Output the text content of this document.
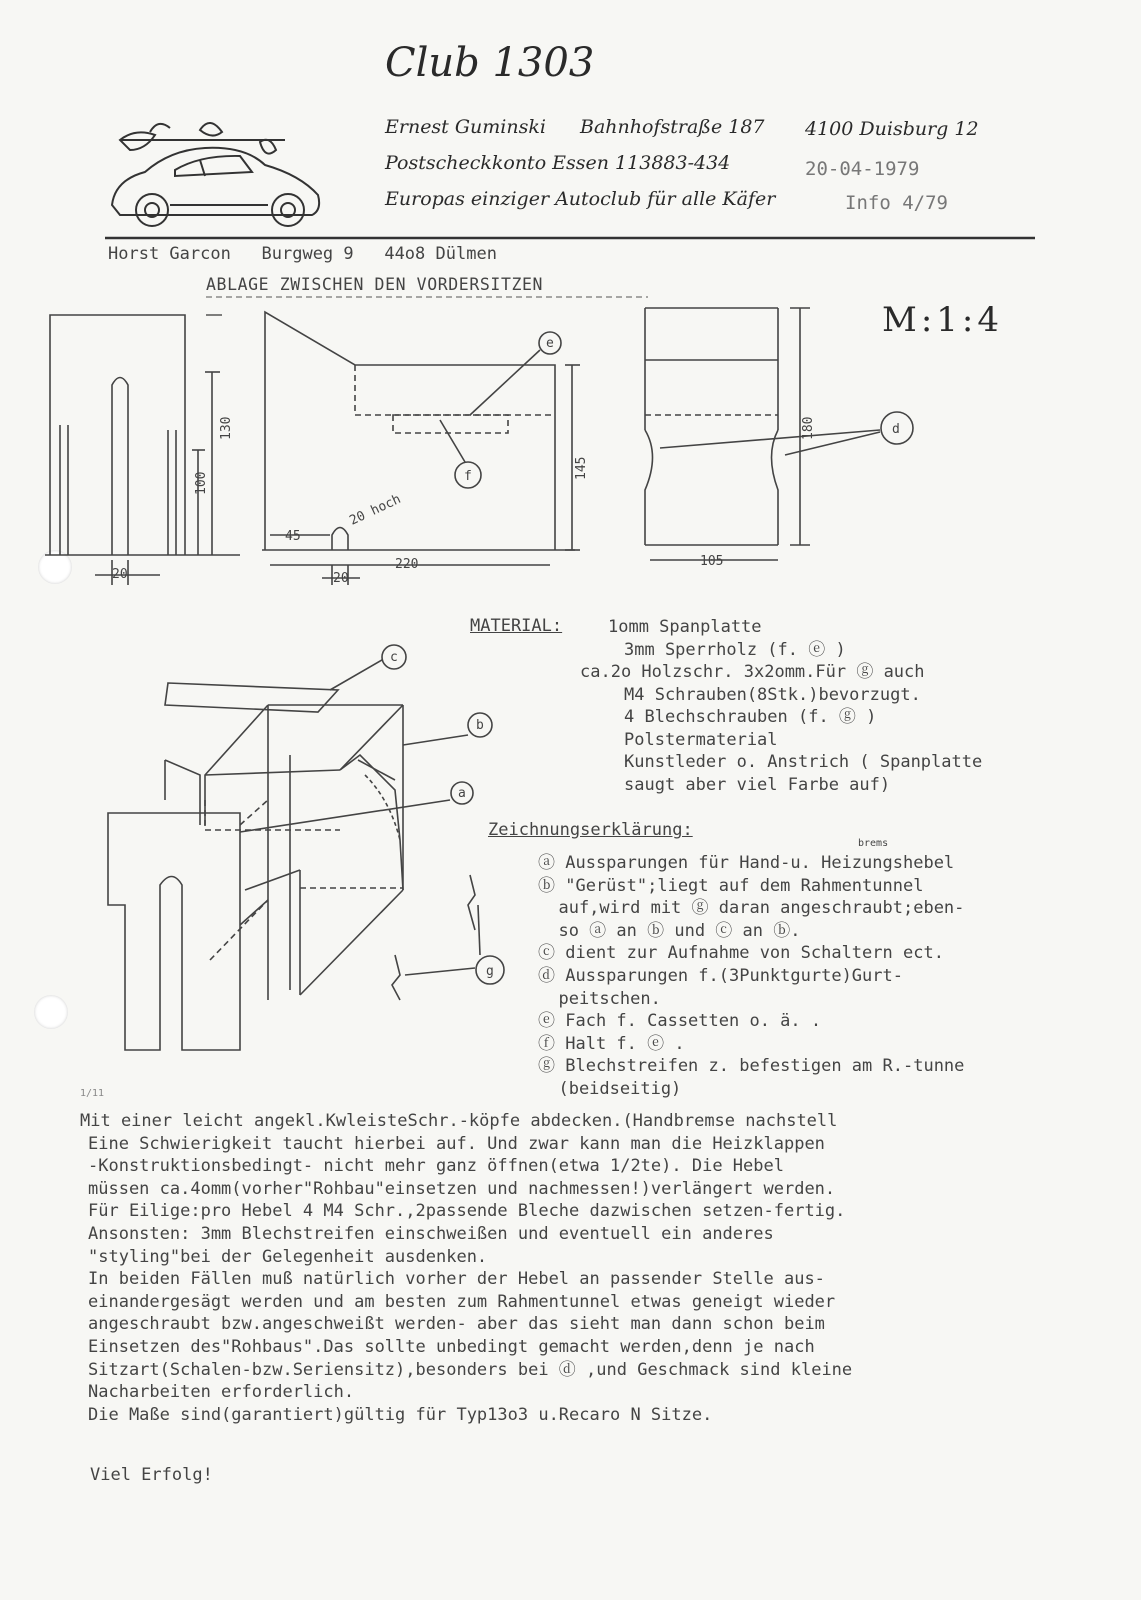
Club 1303
Ernest Guminski Bahnhofstraße 187 4100 Duisburg 12
Postscheckkonto Essen 113883-434	20-04-1979
Europas einziger Autoclub für alle Käfer	Info 4/79
Horst Garcon   Burgweg 9   44o8 Dülmen
ABLAGE ZWISCHEN DEN VORDERSITZEN
M:1:4
130
100
20
45
20 hoch
20
220
145
180
105
e
f
d
c
b
a
g
MATERIAL:	1omm Spanplatte
3mm Sperrholz (f. ⓔ )
ca.2o Holzschr. 3x2omm.Für ⓖ auch
M4 Schrauben(8Stk.)bevorzugt.
4 Blechschrauben (f. ⓖ )
Polstermaterial
Kunstleder o. Anstrich ( Spanplatte
saugt aber viel Farbe auf)
Zeichnungserklärung:
brems
ⓐ Aussparungen für Hand-u. Heizungshebel
ⓑ "Gerüst";liegt auf dem Rahmentunnel
auf,wird mit ⓖ daran angeschraubt;eben-
so ⓐ an ⓑ und ⓒ an ⓑ.
ⓒ dient zur Aufnahme von Schaltern ect.
ⓓ Aussparungen f.(3Punktgurte)Gurt-
peitschen.
ⓔ Fach f. Cassetten o. ä. .
ⓕ Halt f. ⓔ .
ⓖ Blechstreifen z. befestigen am R.-tunne
(beidseitig)
1/11
Mit einer leicht angekl.KwleisteSchr.-köpfe abdecken.(Handbremse nachstell
Eine Schwierigkeit taucht hierbei auf. Und zwar kann man die Heizklappen
-Konstruktionsbedingt- nicht mehr ganz öffnen(etwa 1/2te). Die Hebel
müssen ca.4omm(vorher"Rohbau"einsetzen und nachmessen!)verlängert werden.
Für Eilige:pro Hebel 4 M4 Schr.,2passende Bleche dazwischen setzen-fertig.
Ansonsten: 3mm Blechstreifen einschweißen und eventuell ein anderes
"styling"bei der Gelegenheit ausdenken.
In beiden Fällen muß natürlich vorher der Hebel an passender Stelle aus-
einandergesägt werden und am besten zum Rahmentunnel etwas geneigt wieder
angeschraubt bzw.angeschweißt werden- aber das sieht man dann schon beim
Einsetzen des"Rohbaus".Das sollte unbedingt gemacht werden,denn je nach
Sitzart(Schalen-bzw.Seriensitz),besonders bei ⓓ ,und Geschmack sind kleine
Nacharbeiten erforderlich.
Die Maße sind(garantiert)gültig für Typ13o3 u.Recaro N Sitze.
Viel Erfolg!
